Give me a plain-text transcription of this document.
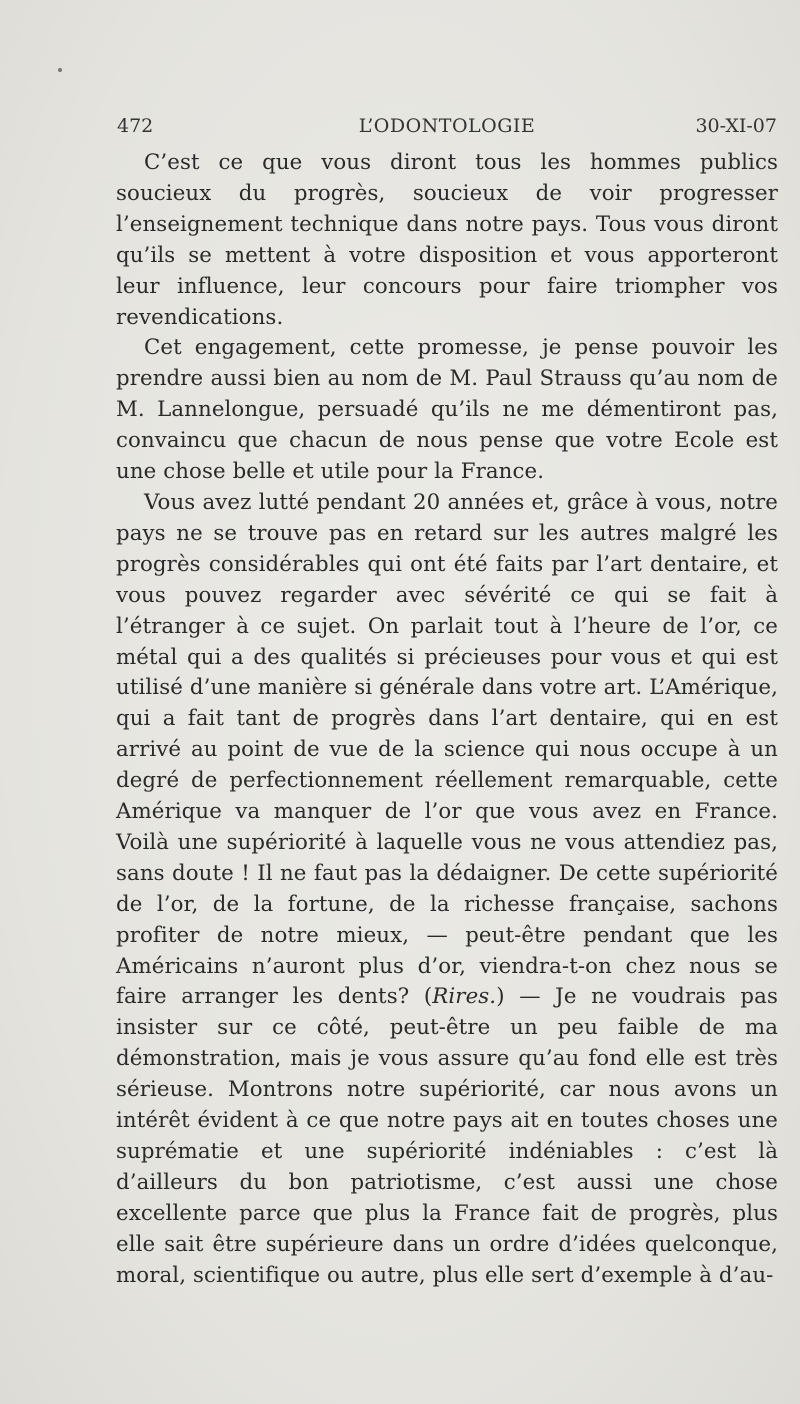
472	L’ODONTOLOGIE	30-XI-07

C’est ce que vous diront tous les hommes publics soucieux du progrès, soucieux de voir progresser l’enseignement technique dans notre pays. Tous vous diront qu’ils se mettent à votre disposition et vous apporteront leur influence, leur concours pour faire triompher vos revendications.

Cet engagement, cette promesse, je pense pouvoir les prendre aussi bien au nom de M. Paul Strauss qu’au nom de M. Lannelongue, persuadé qu’ils ne me démentiront pas, convaincu que chacun de nous pense que votre Ecole est une chose belle et utile pour la France.

Vous avez lutté pendant 20 années et, grâce à vous, notre pays ne se trouve pas en retard sur les autres malgré les progrès considérables qui ont été faits par l’art dentaire, et vous pouvez regarder avec sévérité ce qui se fait à l’étranger à ce sujet. On parlait tout à l’heure de l’or, ce métal qui a des qualités si précieuses pour vous et qui est utilisé d’une manière si générale dans votre art. L’Amérique, qui a fait tant de progrès dans l’art dentaire, qui en est arrivé au point de vue de la science qui nous occupe à un degré de perfectionnement réellement remarquable, cette Amérique va manquer de l’or que vous avez en France. Voilà une supériorité à laquelle vous ne vous attendiez pas, sans doute ! Il ne faut pas la dédaigner. De cette supériorité de l’or, de la fortune, de la richesse française, sachons profiter de notre mieux, — peut-être pendant que les Américains n’auront plus d’or, viendra-t-on chez nous se faire arranger les dents? (Rires.) — Je ne voudrais pas insister sur ce côté, peut-être un peu faible de ma démonstration, mais je vous assure qu’au fond elle est très sérieuse. Montrons notre supériorité, car nous avons un intérêt évident à ce que notre pays ait en toutes choses une suprématie et une supériorité indéniables : c’est là d’ailleurs du bon patriotisme, c’est aussi une chose excellente parce que plus la France fait de progrès, plus elle sait être supérieure dans un ordre d’idées quelconque, moral, scientifique ou autre, plus elle sert d’exemple à d’au-
